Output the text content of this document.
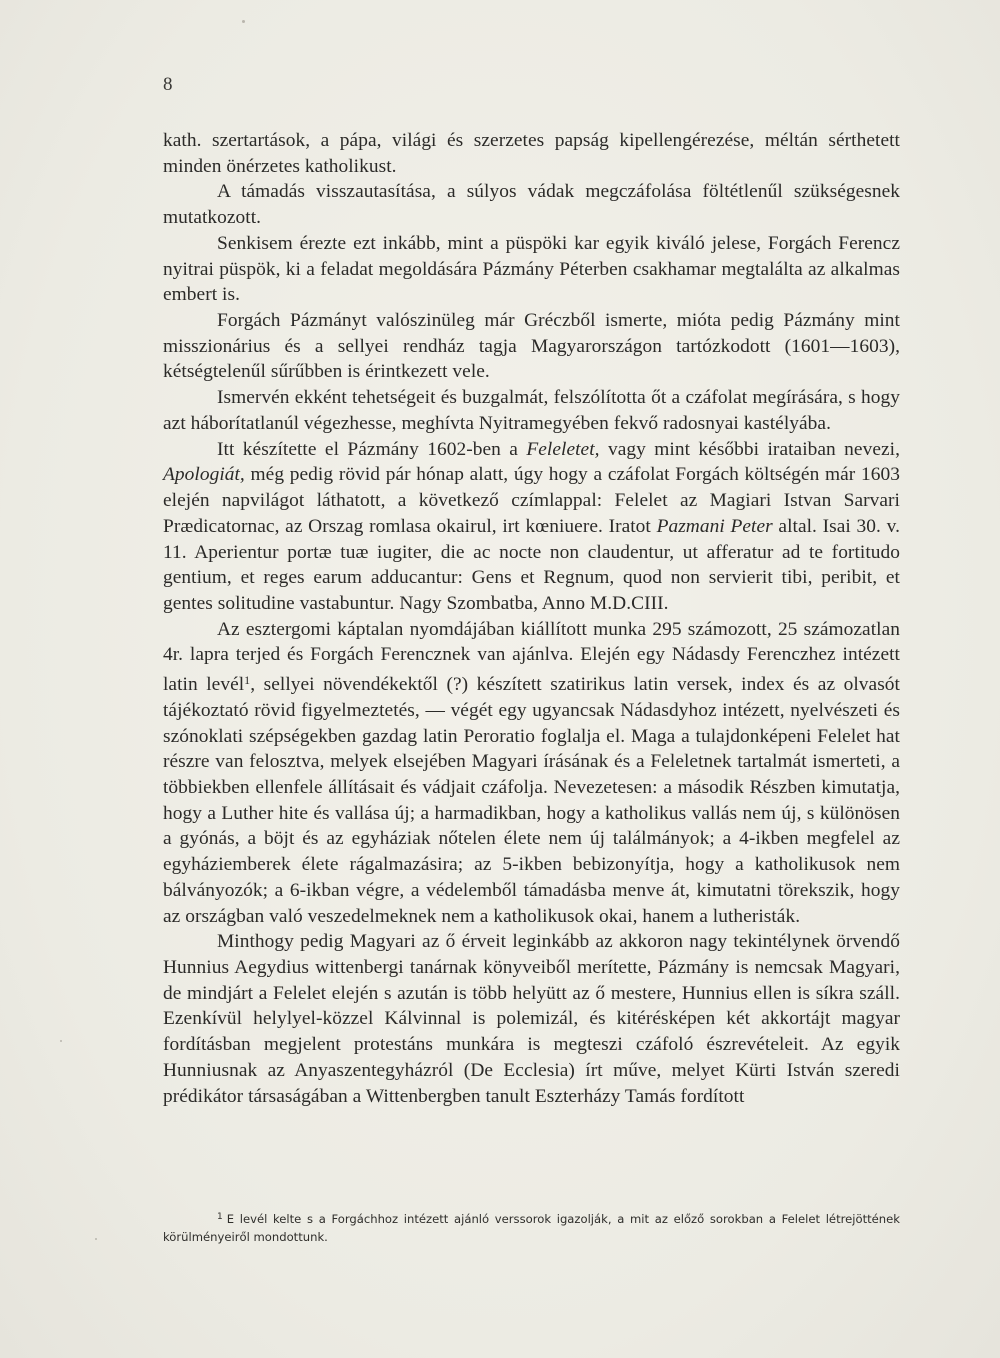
8

kath. szertartások, a pápa, világi és szerzetes papság kipellengérezése, méltán sérthetett minden önérzetes katholikust.

A támadás visszautasítása, a súlyos vádak megczáfolása föltétlenűl szükségesnek mutatkozott.

Senkisem érezte ezt inkább, mint a püspöki kar egyik kiváló jelese, Forgách Ferencz nyitrai püspök, ki a feladat megoldására Pázmány Péterben csakhamar megtalálta az alkalmas embert is.

Forgách Pázmányt valószinüleg már Gréczből ismerte, mióta pedig Pázmány mint misszionárius és a sellyei rendház tagja Magyarországon tartózkodott (1601—1603), kétségtelenűl sűrűbben is érintkezett vele.

Ismervén ekként tehetségeit és buzgalmát, felszólította őt a czáfolat megírására, s hogy azt háborítatlanúl végezhesse, meghívta Nyitramegyében fekvő radosnyai kastélyába.

Itt készítette el Pázmány 1602-ben a Feleletet, vagy mint későbbi irataiban nevezi, Apologiát, még pedig rövid pár hónap alatt, úgy hogy a czáfolat Forgách költségén már 1603 elején napvilágot láthatott, a következő czímlappal: Felelet az Magiari Istvan Sarvari Prædicatornac, az Orszag romlasa okairul, irt kœniuere. Iratot Pazmani Peter altal. Isai 30. v. 11. Aperientur portæ tuæ iugiter, die ac nocte non claudentur, ut afferatur ad te fortitudo gentium, et reges earum adducantur: Gens et Regnum, quod non servierit tibi, peribit, et gentes solitudine vastabuntur. Nagy Szombatba, Anno M.D.CIII.

Az esztergomi káptalan nyomdájában kiállított munka 295 számozott, 25 számozatlan 4r. lapra terjed és Forgách Ferencznek van ajánlva. Elején egy Nádasdy Ferenczhez intézett latin levél$^1$, sellyei növendékektől (?) készített szatirikus latin versek, index és az olvasót tájékoztató rövid figyelmeztetés, — végét egy ugyancsak Nádasdyhoz intézett, nyelvészeti és szónoklati szépségekben gazdag latin Peroratio foglalja el. Maga a tulajdonképeni Felelet hat részre van felosztva, melyek elsejében Magyari írásának és a Feleletnek tartalmát ismerteti, a többiekben ellenfele állításait és vádjait czáfolja. Nevezetesen: a második Részben kimutatja, hogy a Luther hite és vallása új; a harmadikban, hogy a katholikus vallás nem új, s különösen a gyónás, a böjt és az egyháziak nőtelen élete nem új találmányok; a 4-ikben megfelel az egyháziemberek élete rágalmazásira; az 5-ikben bebizonyítja, hogy a katholikusok nem bálványozók; a 6-ikban végre, a védelemből támadásba menve át, kimutatni törekszik, hogy az országban való veszedelmeknek nem a katholikusok okai, hanem a lutheristák.

Minthogy pedig Magyari az ő érveit leginkább az akkoron nagy tekintélynek örvendő Hunnius Aegydius wittenbergi tanárnak könyveiből merítette, Pázmány is nemcsak Magyari, de mindjárt a Felelet elején s azután is több helyütt az ő mestere, Hunnius ellen is síkra száll. Ezenkívül helylyel-közzel Kálvinnal is polemizál, és kitérésképen két akkortájt magyar fordításban megjelent protestáns munkára is megteszi czáfoló észrevételeit. Az egyik Hunniusnak az Anyaszentegyházról (De Ecclesia) írt műve, melyet Kürti István szeredi prédikátor társaságában a Wittenbergben tanult Eszterházy Tamás fordított

$^1$ E levél kelte s a Forgáchhoz intézett ajánló verssorok igazolják, a mit az előző sorokban a Felelet létrejöttének körülményeiről mondottunk.
